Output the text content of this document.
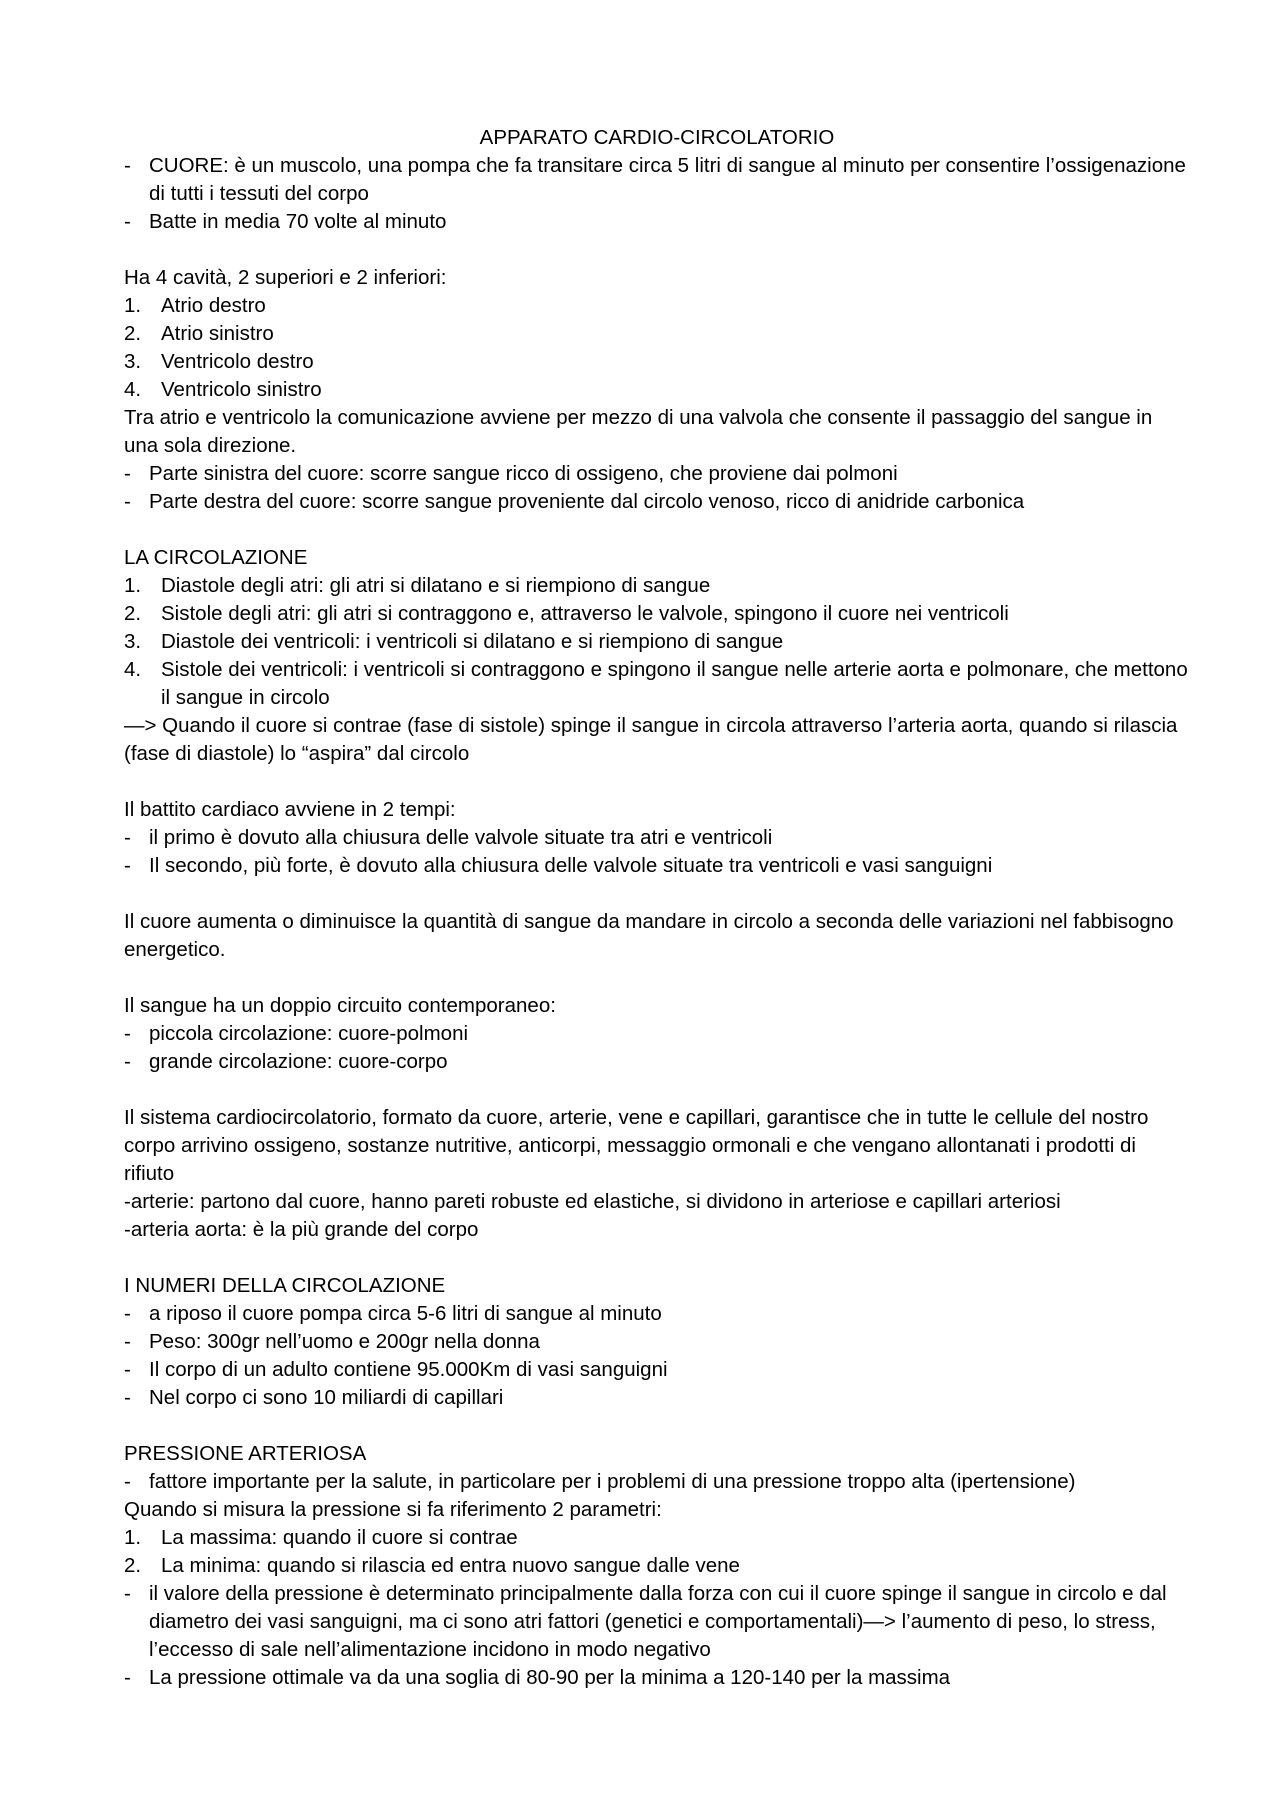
APPARATO CARDIO-CIRCOLATORIO

- CUORE: è un muscolo, una pompa che fa transitare circa 5 litri di sangue al minuto per consentire l’ossigenazione di tutti i tessuti del corpo
- Batte in media 70 volte al minuto

Ha 4 cavità, 2 superiori e 2 inferiori:

1. Atrio destro
2. Atrio sinistro
3. Ventricolo destro
4. Ventricolo sinistro

Tra atrio e ventricolo la comunicazione avviene per mezzo di una valvola che consente il passaggio del sangue in una sola direzione.

- Parte sinistra del cuore: scorre sangue ricco di ossigeno, che proviene dai polmoni
- Parte destra del cuore: scorre sangue proveniente dal circolo venoso, ricco di anidride carbonica

LA CIRCOLAZIONE

1. Diastole degli atri: gli atri si dilatano e si riempiono di sangue
2. Sistole degli atri: gli atri si contraggono e, attraverso le valvole, spingono il cuore nei ventricoli
3. Diastole dei ventricoli: i ventricoli si dilatano e si riempiono di sangue
4. Sistole dei ventricoli: i ventricoli si contraggono e spingono il sangue nelle arterie aorta e polmonare, che mettono il sangue in circolo

—> Quando il cuore si contrae (fase di sistole) spinge il sangue in circola attraverso l’arteria aorta, quando si rilascia (fase di diastole) lo “aspira” dal circolo

Il battito cardiaco avviene in 2 tempi:

- il primo è dovuto alla chiusura delle valvole situate tra atri e ventricoli
- Il secondo, più forte, è dovuto alla chiusura delle valvole situate tra ventricoli e vasi sanguigni

Il cuore aumenta o diminuisce la quantità di sangue da mandare in circolo a seconda delle variazioni nel fabbisogno energetico.

Il sangue ha un doppio circuito contemporaneo:

- piccola circolazione: cuore-polmoni
- grande circolazione: cuore-corpo

Il sistema cardiocircolatorio, formato da cuore, arterie, vene e capillari, garantisce che in tutte le cellule del nostro corpo arrivino ossigeno, sostanze nutritive, anticorpi, messaggio ormonali e che vengano allontanati i prodotti di rifiuto

-arterie: partono dal cuore, hanno pareti robuste ed elastiche, si dividono in arteriose e capillari arteriosi

-arteria aorta: è la più grande del corpo

I NUMERI DELLA CIRCOLAZIONE

- a riposo il cuore pompa circa 5-6 litri di sangue al minuto
- Peso: 300gr nell’uomo e 200gr nella donna
- Il corpo di un adulto contiene 95.000Km di vasi sanguigni
- Nel corpo ci sono 10 miliardi di capillari

PRESSIONE ARTERIOSA

- fattore importante per la salute, in particolare per i problemi di una pressione troppo alta (ipertensione)

Quando si misura la pressione si fa riferimento 2 parametri:

1. La massima: quando il cuore si contrae
2. La minima: quando si rilascia ed entra nuovo sangue dalle vene
- il valore della pressione è determinato principalmente dalla forza con cui il cuore spinge il sangue in circolo e dal diametro dei vasi sanguigni, ma ci sono atri fattori (genetici e comportamentali)—> l’aumento di peso, lo stress, l’eccesso di sale nell’alimentazione incidono in modo negativo
- La pressione ottimale va da una soglia di 80-90 per la minima a 120-140 per la massima
